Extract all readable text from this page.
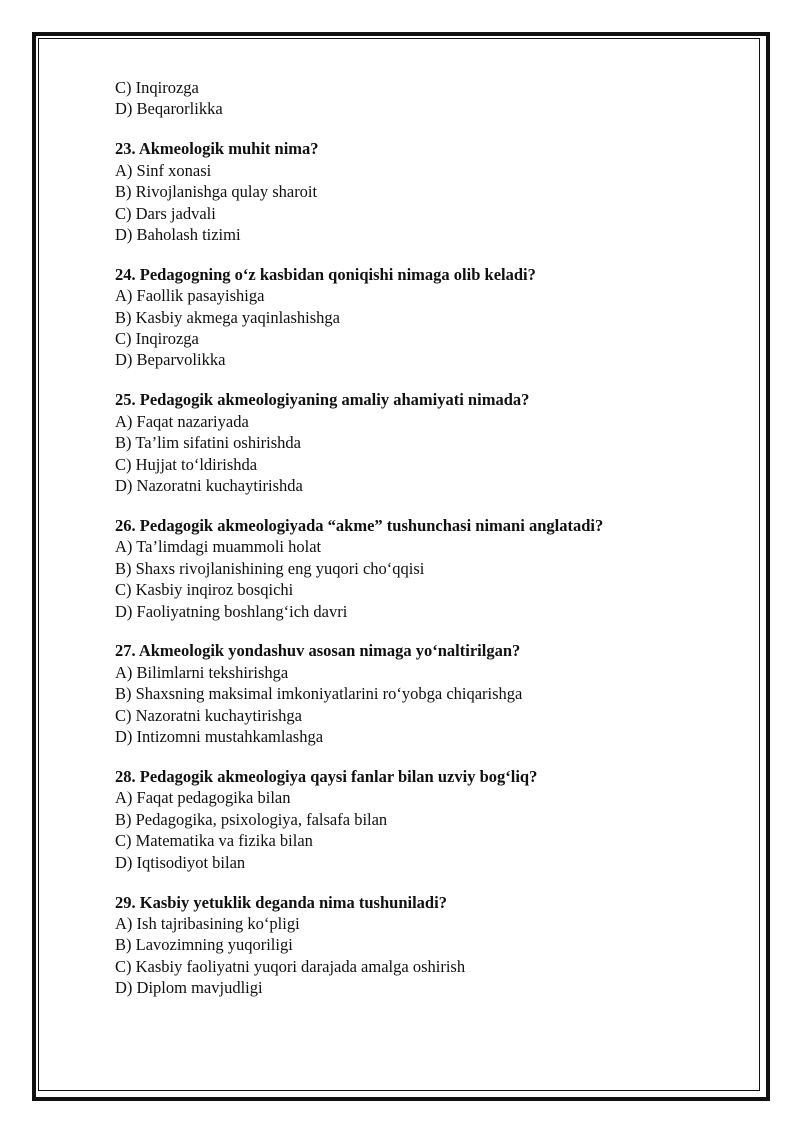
C) Inqirozga

D) Beqarorlikka

23. Akmeologik muhit nima?

A) Sinf xonasi

B) Rivojlanishga qulay sharoit

C) Dars jadvali

D) Baholash tizimi

24. Pedagogning o‘z kasbidan qoniqishi nimaga olib keladi?

A) Faollik pasayishiga

B) Kasbiy akmega yaqinlashishga

C) Inqirozga

D) Beparvolikka

25. Pedagogik akmeologiyaning amaliy ahamiyati nimada?

A) Faqat nazariyada

B) Ta’lim sifatini oshirishda

C) Hujjat to‘ldirishda

D) Nazoratni kuchaytirishda

26. Pedagogik akmeologiyada “akme” tushunchasi nimani anglatadi?

A) Ta’limdagi muammoli holat

B) Shaxs rivojlanishining eng yuqori cho‘qqisi

C) Kasbiy inqiroz bosqichi

D) Faoliyatning boshlang‘ich davri

27. Akmeologik yondashuv asosan nimaga yo‘naltirilgan?

A) Bilimlarni tekshirishga

B) Shaxsning maksimal imkoniyatlarini ro‘yobga chiqarishga

C) Nazoratni kuchaytirishga

D) Intizomni mustahkamlashga

28. Pedagogik akmeologiya qaysi fanlar bilan uzviy bog‘liq?

A) Faqat pedagogika bilan

B) Pedagogika, psixologiya, falsafa bilan

C) Matematika va fizika bilan

D) Iqtisodiyot bilan

29. Kasbiy yetuklik deganda nima tushuniladi?

A) Ish tajribasining ko‘pligi

B) Lavozimning yuqoriligi

C) Kasbiy faoliyatni yuqori darajada amalga oshirish

D) Diplom mavjudligi
